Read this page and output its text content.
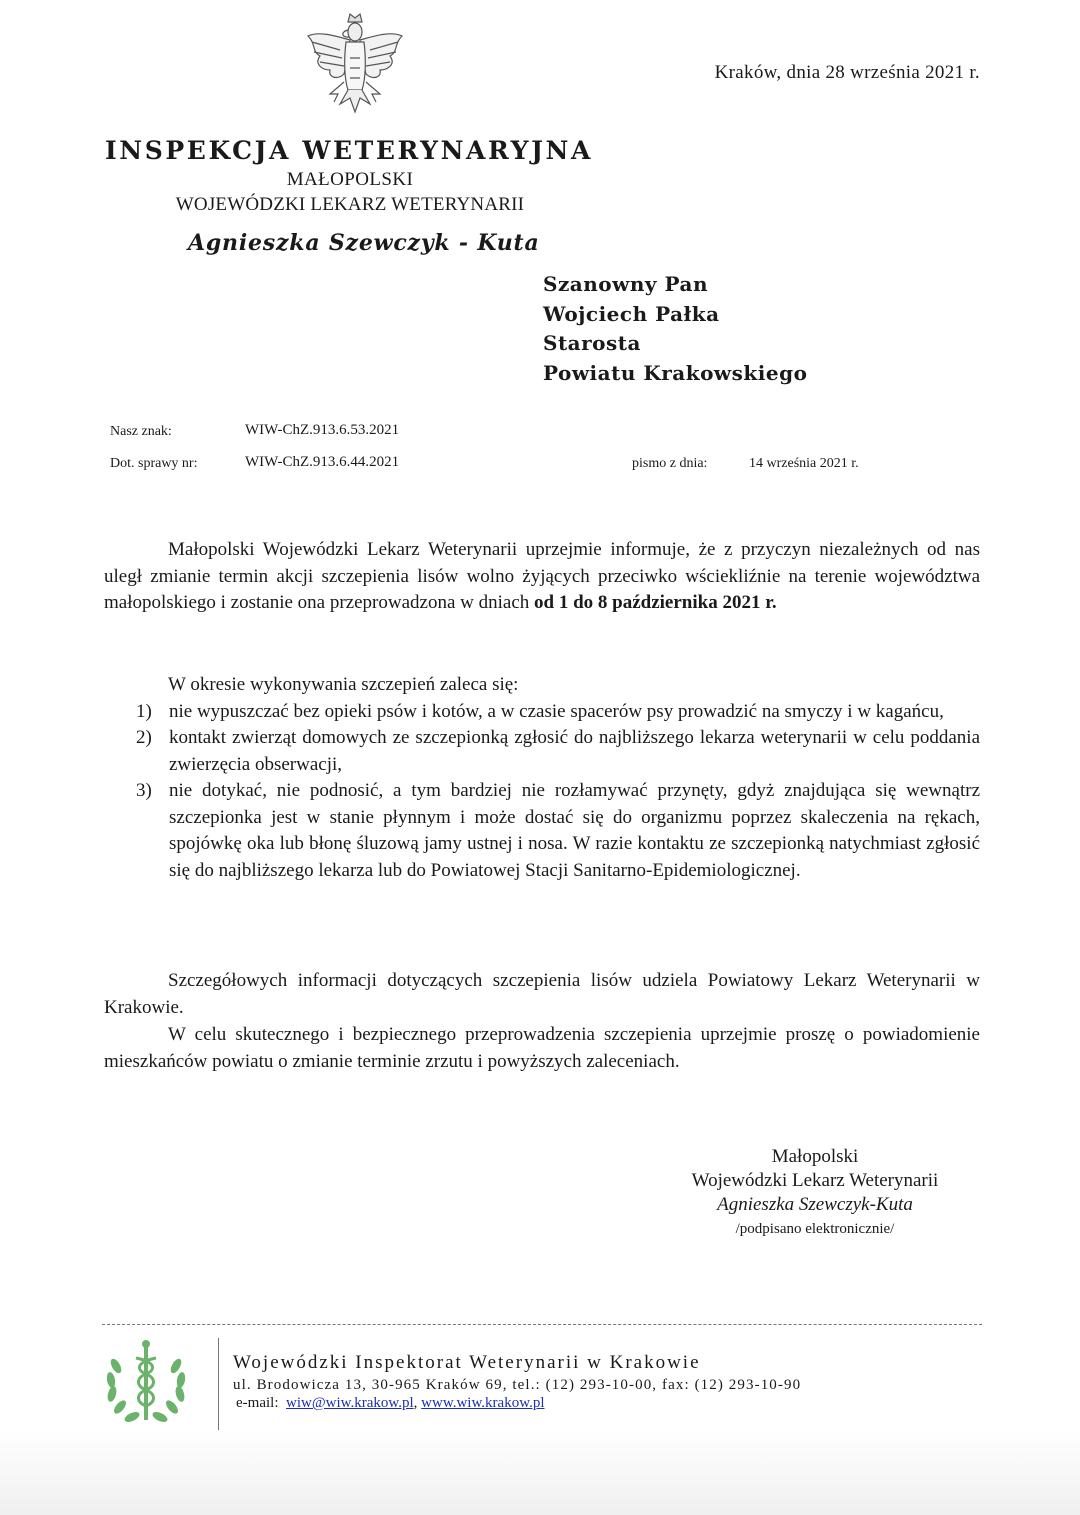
Kraków, dnia 28 września 2021 r.
INSPEKCJA WETERYNARYJNA
MAŁOPOLSKI
WOJEWÓDZKI LEKARZ WETERYNARII
Agnieszka Szewczyk - Kuta
Szanowny Pan
Wojciech Pałka
Starosta
Powiatu Krakowskiego
Nasz znak:	WIW-ChZ.913.6.53.2021
Dot. sprawy nr:	WIW-ChZ.913.6.44.2021	pismo z dnia:	14 września 2021 r.
Małopolski Wojewódzki Lekarz Weterynarii uprzejmie informuje, że z przyczyn niezależnych od nas uległ zmianie termin akcji szczepienia lisów wolno żyjących przeciwko wściekliźnie na terenie województwa małopolskiego i zostanie ona przeprowadzona w dniach od 1 do 8 października 2021 r.
W okresie wykonywania szczepień zaleca się:
1) nie wypuszczać bez opieki psów i kotów, a w czasie spacerów psy prowadzić na smyczy i w kagańcu,
2) kontakt zwierząt domowych ze szczepionką zgłosić do najbliższego lekarza weterynarii w celu poddania zwierzęcia obserwacji,
3) nie dotykać, nie podnosić, a tym bardziej nie rozłamywać przynęty, gdyż znajdująca się wewnątrz szczepionka jest w stanie płynnym i może dostać się do organizmu poprzez skaleczenia na rękach, spojówkę oka lub błonę śluzową jamy ustnej i nosa. W razie kontaktu ze szczepionką natychmiast zgłosić się do najbliższego lekarza lub do Powiatowej Stacji Sanitarno-Epidemiologicznej.
Szczegółowych informacji dotyczących szczepienia lisów udziela Powiatowy Lekarz Weterynarii w Krakowie.
W celu skutecznego i bezpiecznego przeprowadzenia szczepienia uprzejmie proszę o powiadomienie mieszkańców powiatu o zmianie terminie zrzutu i powyższych zaleceniach.
Małopolski
Wojewódzki Lekarz Weterynarii
Agnieszka Szewczyk-Kuta
/podpisano elektronicznie/
Wojewódzki Inspektorat Weterynarii w Krakowie
ul. Brodowicza 13, 30-965 Kraków 69, tel.: (12) 293-10-00, fax: (12) 293-10-90
e-mail: wiw@wiw.krakow.pl, www.wiw.krakow.pl
